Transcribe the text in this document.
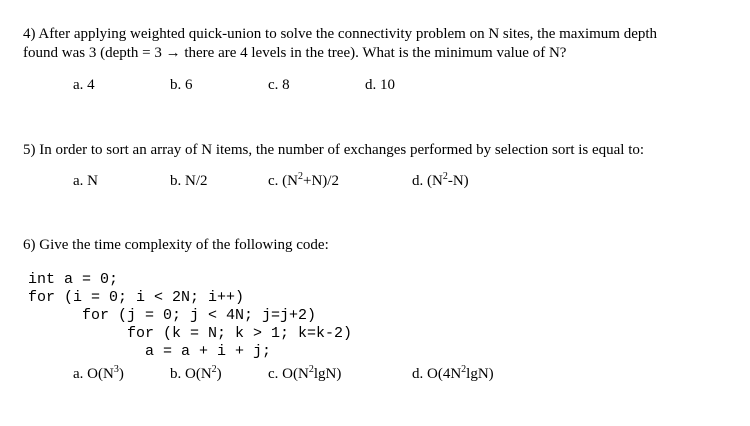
4) After applying weighted quick-union to solve the connectivity problem on N sites, the maximum depth
found was 3 (depth = 3 → there are 4 levels in the tree). What is the minimum value of N?
a. 4	b. 6	c. 8	d. 10
5) In order to sort an array of N items, the number of exchanges performed by selection sort is equal to:
a. N	b. N/2	c. $(N^2+N)/2$	d. $(N^2-N)$
6) Give the time complexity of the following code:

int a = 0;
for (i = 0; i < 2N; i++)
for (j = 0; j < 4N; j=j+2)
for (k = N; k > 1; k=k-2)
a = a + i + j;

a. $O(N^3)$	b. $O(N^2)$	c. $O(N^2\lg N)$	d. $O(4N^2\lg N)$
